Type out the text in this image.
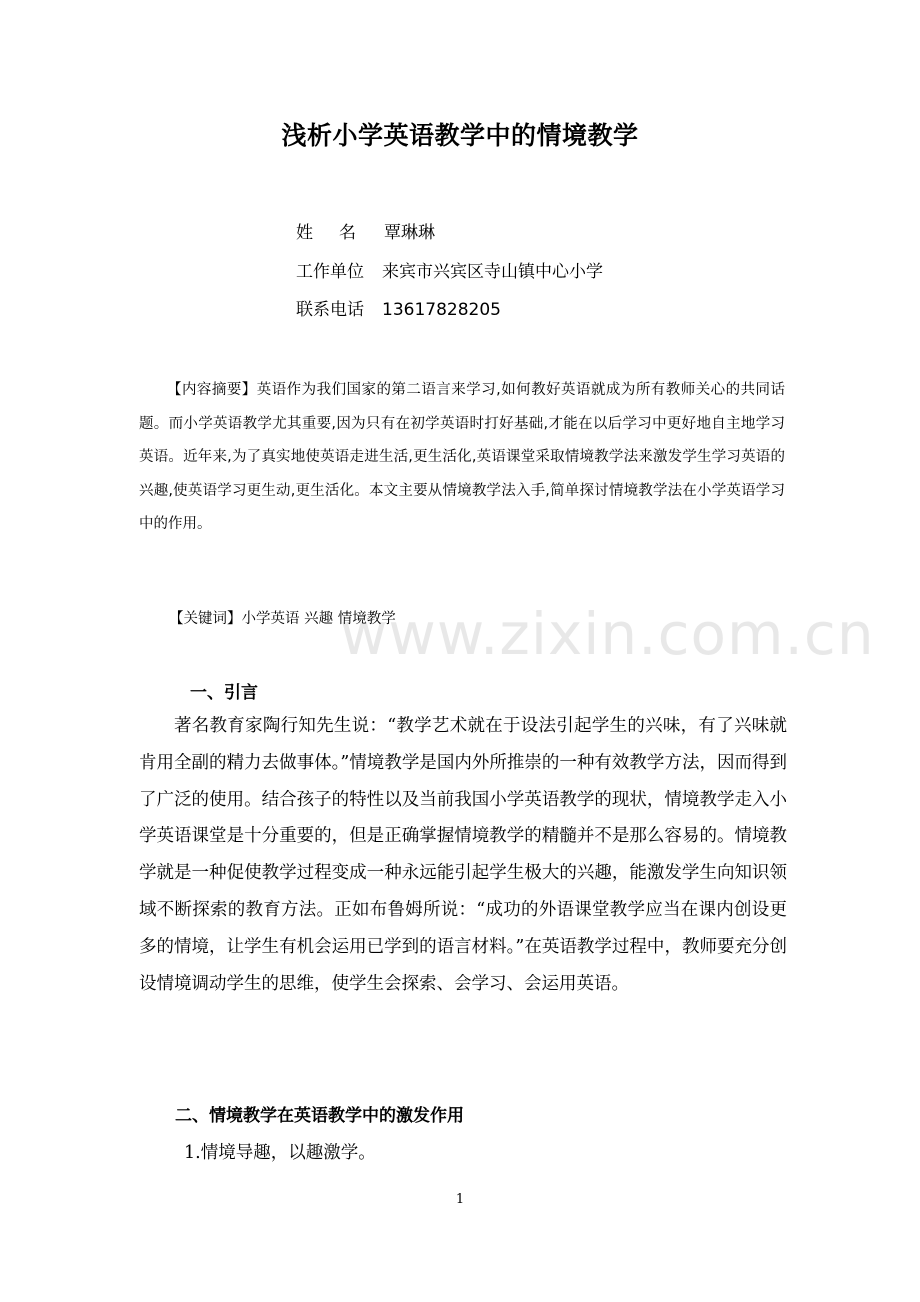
浅析小学英语教学中的情境教学
姓名 覃琳琳
工作单位 来宾市兴宾区寺山镇中心小学
联系电话 13617828205

【内容摘要】英语作为我们国家的第二语言来学习,如何教好英语就成为所有教师关心的共同话题。而小学英语教学尤其重要,因为只有在初学英语时打好基础,才能在以后学习中更好地自主地学习英语。近年来,为了真实地使英语走进生活,更生活化,英语课堂采取情境教学法来激发学生学习英语的兴趣,使英语学习更生动,更生活化。本文主要从情境教学法入手,简单探讨情境教学法在小学英语学习中的作用。

www.zixin.com.cn
【关键词】小学英语 兴趣 情境教学
一、引言

著名教育家陶行知先生说：“教学艺术就在于设法引起学生的兴味，有了兴味就肯用全副的精力去做事体。”情境教学是国内外所推崇的一种有效教学方法，因而得到了广泛的使用。结合孩子的特性以及当前我国小学英语教学的现状，情境教学走入小学英语课堂是十分重要的，但是正确掌握情境教学的精髓并不是那么容易的。情境教学就是一种促使教学过程变成一种永远能引起学生极大的兴趣，能激发学生向知识领域不断探索的教育方法。正如布鲁姆所说：“成功的外语课堂教学应当在课内创设更多的情境，让学生有机会运用已学到的语言材料。”在英语教学过程中，教师要充分创设情境调动学生的思维，使学生会探索、会学习、会运用英语。

二、情境教学在英语教学中的激发作用
1.情境导趣，以趣激学。
1
